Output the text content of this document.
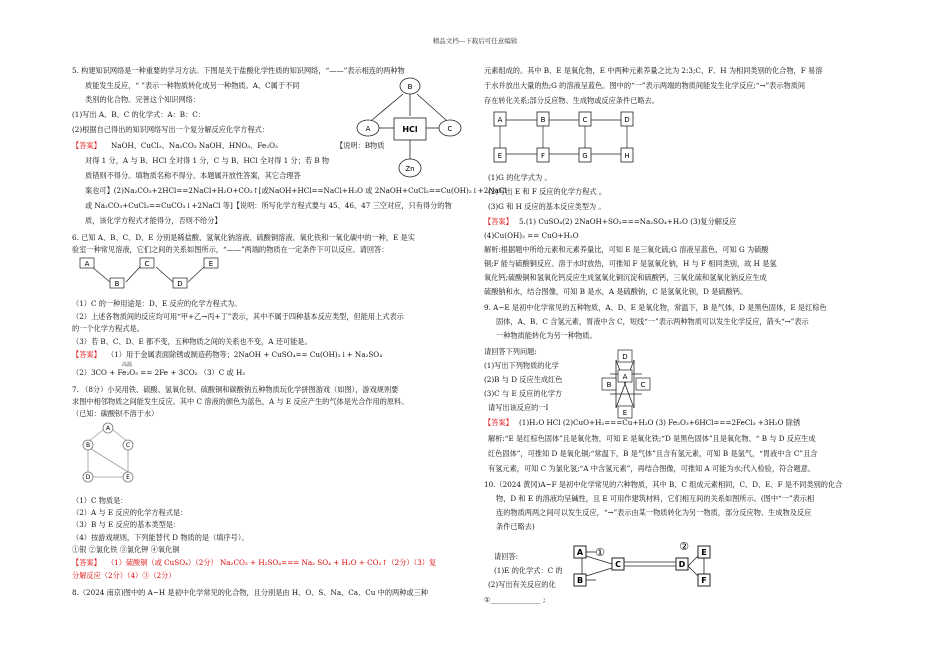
精品文档---下载后可任意编辑
5. 构建知识网络是一种重要的学习方法。下图是关于盐酸化学性质的知识网络，“——”表示相连的两种物
质能发生反应，“ ”表示一种物质转化成另一种物质。A、C属于不同
类别的化合物。完善这个知识网络：
(1)写出 A、B、C 的化学式：A：B：C：
(2)根据自己得出的知识网络写出一个复分解反应化学方程式：
【答案】 NaOH、CuCl₂、Na₂CO₃ NaOH、HNO₃、Fe₂O₃	【说明：B物质
对得 1 分，A 与 B、HCl 全对得 1 分，C 与 B、HCl 全对得 1 分；若 B 物
质错则不得分。填物质名称不得分。本题属开放性答案，其它合理答
案也可】(2)Na₂CO₃+2HCl==2NaCl+H₂O+CO₂↑[或NaOH+HCl==NaCl+H₂O 或 2NaOH+CuCl₂==Cu(OH)₂↓+2NaCl
或 Na₂CO₃+CuCl₂==CuCO₃↓+2NaCl 等]【说明：所写化学方程式要与 45、46、47 三空对应，只有得分的物
质，该化学方程式才能得分，否则不给分】
B
HCl
A	C
Zn
6. 已知 A、B、C、D、E 分别是稀盐酸、氢氧化钠溶液、硫酸铜溶液、氧化铁和一氧化碳中的一种，E 是实
验室一种常见溶液，它们之间的关系如图所示，“——”两端的物质在一定条件下可以反应。请回答：
A
B
C
D
E
（1）C 的一种用途是：D、E 反应的化学方程式为。
（2）上述各物质间的反应均可用“甲+乙→丙+丁”表示，其中不属于四种基本反应类型，但能用上式表示
的一个化学方程式是。
（3）若 B、C、D、E 都不变，五种物质之间的关系也不变，A 还可能是。
【答案】 （1）用于金属表面除锈或制造药物等；2NaOH + CuSO₄== Cu(OH)₂↓+ Na₂SO₄
高温
（2）3CO + Fe₂O₃ == 2Fe + 3CO₂ （3）C 或 H₂
7. （8分）小吴用铁、硫酸、氢氧化钡、硫酸铜和碳酸钠五种物质玩化学拼图游戏（如图），游戏规则要
求图中相邻物质之间能发生反应。其中 C 溶液的颜色为蓝色，A 与 E 反应产生的气体是光合作用的原料。
（已知：碳酸钡不溶于水）
A
B	C
D	E
（1）C 物质是：
（2）A 与 E 反应的化学方程式是：
（3）B 与 E 反应的基本类型是：
（4）按游戏规则，下列能替代 D 物质的是（填序号）。
①银 ②氯化铁 ③氯化钾 ④氧化铜
【答案】 （1）硫酸铜（或 CuSO₄）（2分） Na₂CO₃ + H₂SO₄=== Na₂ SO₄ + H₂O + CO₂↑（2分）（3）复
分解反应（2分）（4）③（2分）
8.（2024 南京)图中的 A~H 是初中化学常见的化合物，且分别是由 H、O、S、Na、Ca、Cu 中的两种或三种
元素组成的。其中 B、E 是氧化物，E 中两种元素养量之比为 2:3;C、F、H 为相同类别的化合物，F 易溶
于水并放出大量的热;G 的溶液呈蓝色。图中的“一”表示两端的物质间能发生化学反应;“→”表示物质间
存在转化关系;部分反应物、生成物或反应条件已略去。
A	B	C	D
E	F	G	H
(1)G 的化学式为 。
(2)写出 E 和 F 反应的化学方程式 。
(3)G 和 H 反应的基本反应类型为 。
【答案】 5.(1) CuSO₄(2) 2NaOH+SO₃===Na₂SO₄+H₂O (3)复分解反应
(4)Cu(OH)₂ == CuO+H₂O
解析:根据题中所给元素和元素养量比，可知 E 是三氧化硫;G 溶液呈蓝色，可知 G 为硫酸
铜;F 能与硫酸铜反应、溶于水时放热，可推知 F 是氢氧化钠，H 与 F 相同类别，故 H 是氢
氧化钙;硫酸铜和氢氧化钙反应生成氢氧化铜沉淀和硫酸钙，三氧化硫和氢氧化钠反应生成
硫酸钠和水，结合图像，可知 B 是水，A 是硫酸钠，C 是氢氧化钡，D 是硫酸钙。
9. A~E 是初中化学常见的五种物质，A、D、E 是氧化物，常温下，B 是气体，D 是黑色固体，E 是红棕色
固体，A、B、C 含氢元素，胃液中含 C，短线“一”表示两种物质可以发生化学反应，箭头“→”表示
一种物质能转化为另一种物质。
请回答下列问题:
(1)写出下列物质的化学
(2)B 与 D 反应生成红色
(3)C 与 E 反应的化学方
请写出该反应的一Ⅰ
D
B	C
A
E
【答案】 (1)H₂O HCl (2)CuO+H₂===Cu+H₂O (3) Fe₂O₃+6HCl===2FeCl₃ +3H₂O 除锈
解析:“E 是红棕色固体”且是氧化物，可知 E 是氧化铁;“D 是黑色固体”且是氧化物、“ B 与 D 反应生成
红色固体”，可推知 D 是氧化铜;“常温下，B 是气体”且含有氢元素，可知 B 是氢气，“胃液中含 C”且含
有氢元素，可知 C 为氯化氢;“A 中含氢元素”，再结合图像，可推知 A 可能为水;代入检验，符合题意。
10.（2024 黄冈)A~F 是初中化学常见的六种物质，其中 B、C 组成元素相同，C、D、E、F 是不同类别的化合
物，D 和 E 的溶液均呈碱性，且 E 可用作建筑材料，它们相互间的关系如图所示。(图中“一”表示相
连的物质两两之间可以发生反应，“→”表示由某一物质转化为另一物质，部分反应物、生成物及反应
条件已略去)
请回答:
(1)E 的化学式：C 的
(2)写出有关反应的化
①______________ ;
A ①
B
C	D
② E
F
